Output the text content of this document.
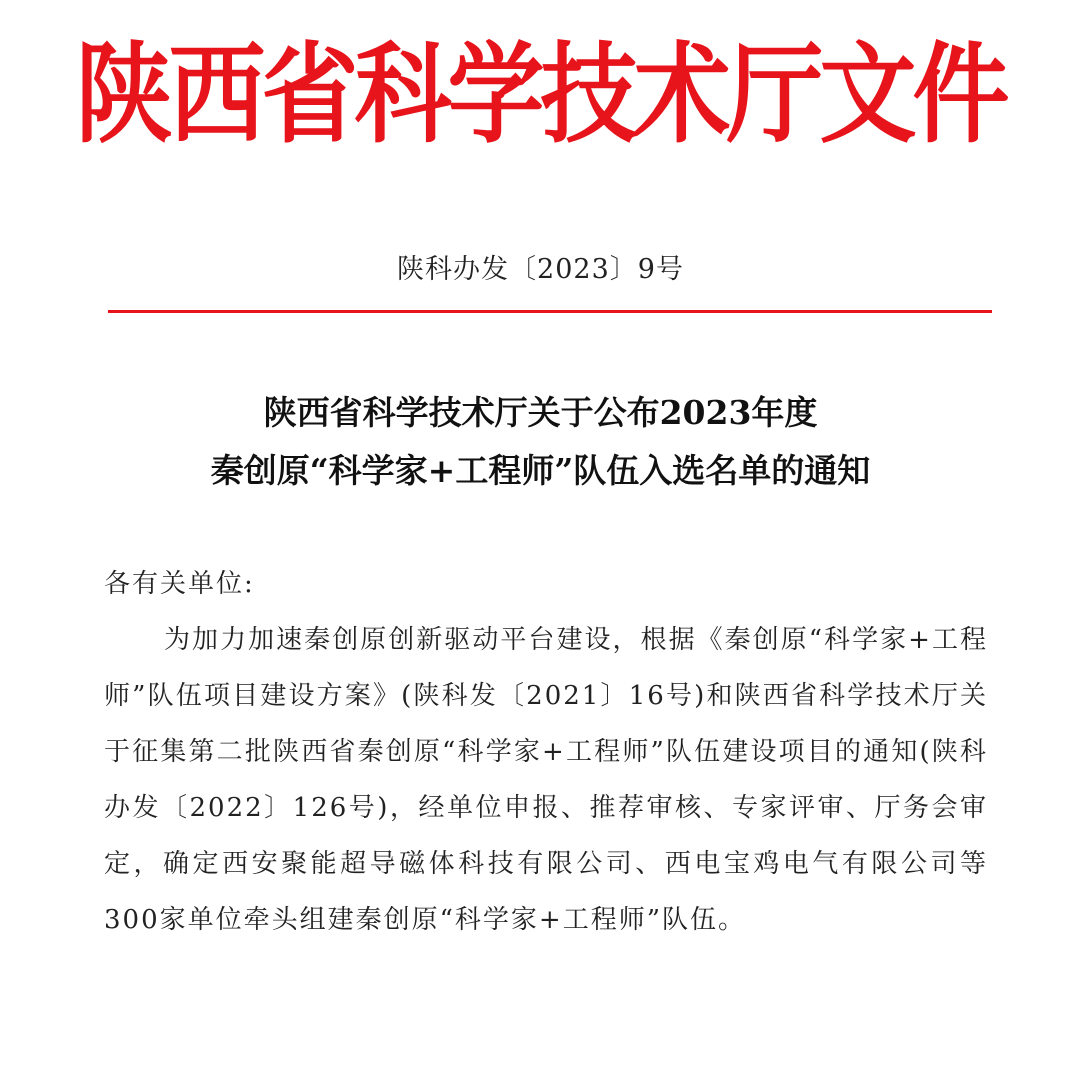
陕西省科学技术厅文件
陕科办发〔2023〕9号
陕西省科学技术厅关于公布2023年度
秦创原“科学家+工程师”队伍入选名单的通知
各有关单位:

为加力加速秦创原创新驱动平台建设，根据《秦创原“科学家+工程师”队伍项目建设方案》(陕科发〔2021〕16号)和陕西省科学技术厅关于征集第二批陕西省秦创原“科学家+工程师”队伍建设项目的通知(陕科办发〔2022〕126号)，经单位申报、推荐审核、专家评审、厅务会审定，确定西安聚能超导磁体科技有限公司、西电宝鸡电气有限公司等300家单位牵头组建秦创原“科学家+工程师”队伍。
